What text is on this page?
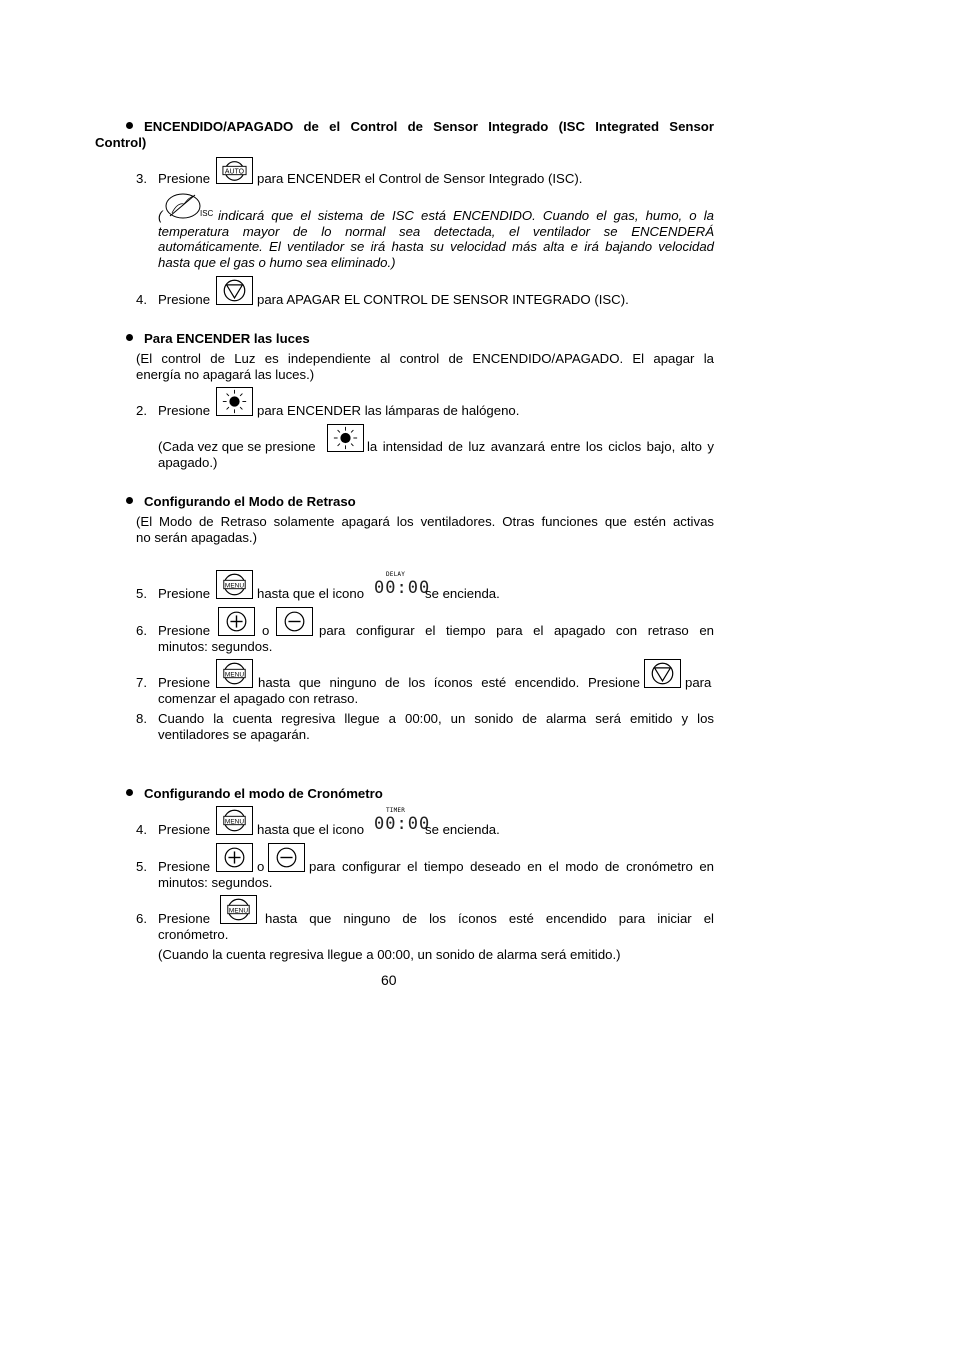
ENCENDIDO/APAGADO de el Control de Sensor Integrado (ISC Integrated Sensor
Control)
3. Presione AUTO para ENCENDER el Control de Sensor Integrado (ISC).
(	ISC indicará que el sistema de ISC está ENCENDIDO. Cuando el gas, humo, o la
temperatura mayor de lo normal sea detectada, el ventilador se ENCENDERÁ
automáticamente. El ventilador se irá hasta su velocidad más alta e irá bajando velocidad
hasta que el gas o humo sea eliminado.)
4. Presione	para APAGAR EL CONTROL DE SENSOR INTEGRADO (ISC).
Para ENCENDER las luces
(El control de Luz es independiente al control de ENCENDIDO/APAGADO. El apagar la
energía no apagará las luces.)
2. Presione	para ENCENDER las lámparas de halógeno.
(Cada vez que se presione	la intensidad de luz avanzará entre los ciclos bajo, alto y
apagado.)
Configurando el Modo de Retraso
(El Modo de Retraso solamente apagará los ventiladores. Otras funciones que estén activas
no serán apagadas.)
5. Presione
MENU
hasta que el icono
DELAY
00:00
se encienda.
6. Presione	o	para configurar el tiempo para el apagado con retraso en
minutos: segundos.
7. Presione
MENU
hasta que ninguno de los íconos esté encendido. Presione	para
comenzar el apagado con retraso.
8. Cuando la cuenta regresiva llegue a 00:00, un sonido de alarma será emitido y los
ventiladores se apagarán.
Configurando el modo de Cronómetro
4. Presione
MENU
hasta que el icono
TIMER
00:00
se encienda.
5. Presione	o	para configurar el tiempo deseado en el modo de cronómetro en
minutos: segundos.
6. Presione
MENU
hasta que ninguno de los íconos esté encendido para iniciar el
cronómetro.
(Cuando la cuenta regresiva llegue a 00:00, un sonido de alarma será emitido.)
60
